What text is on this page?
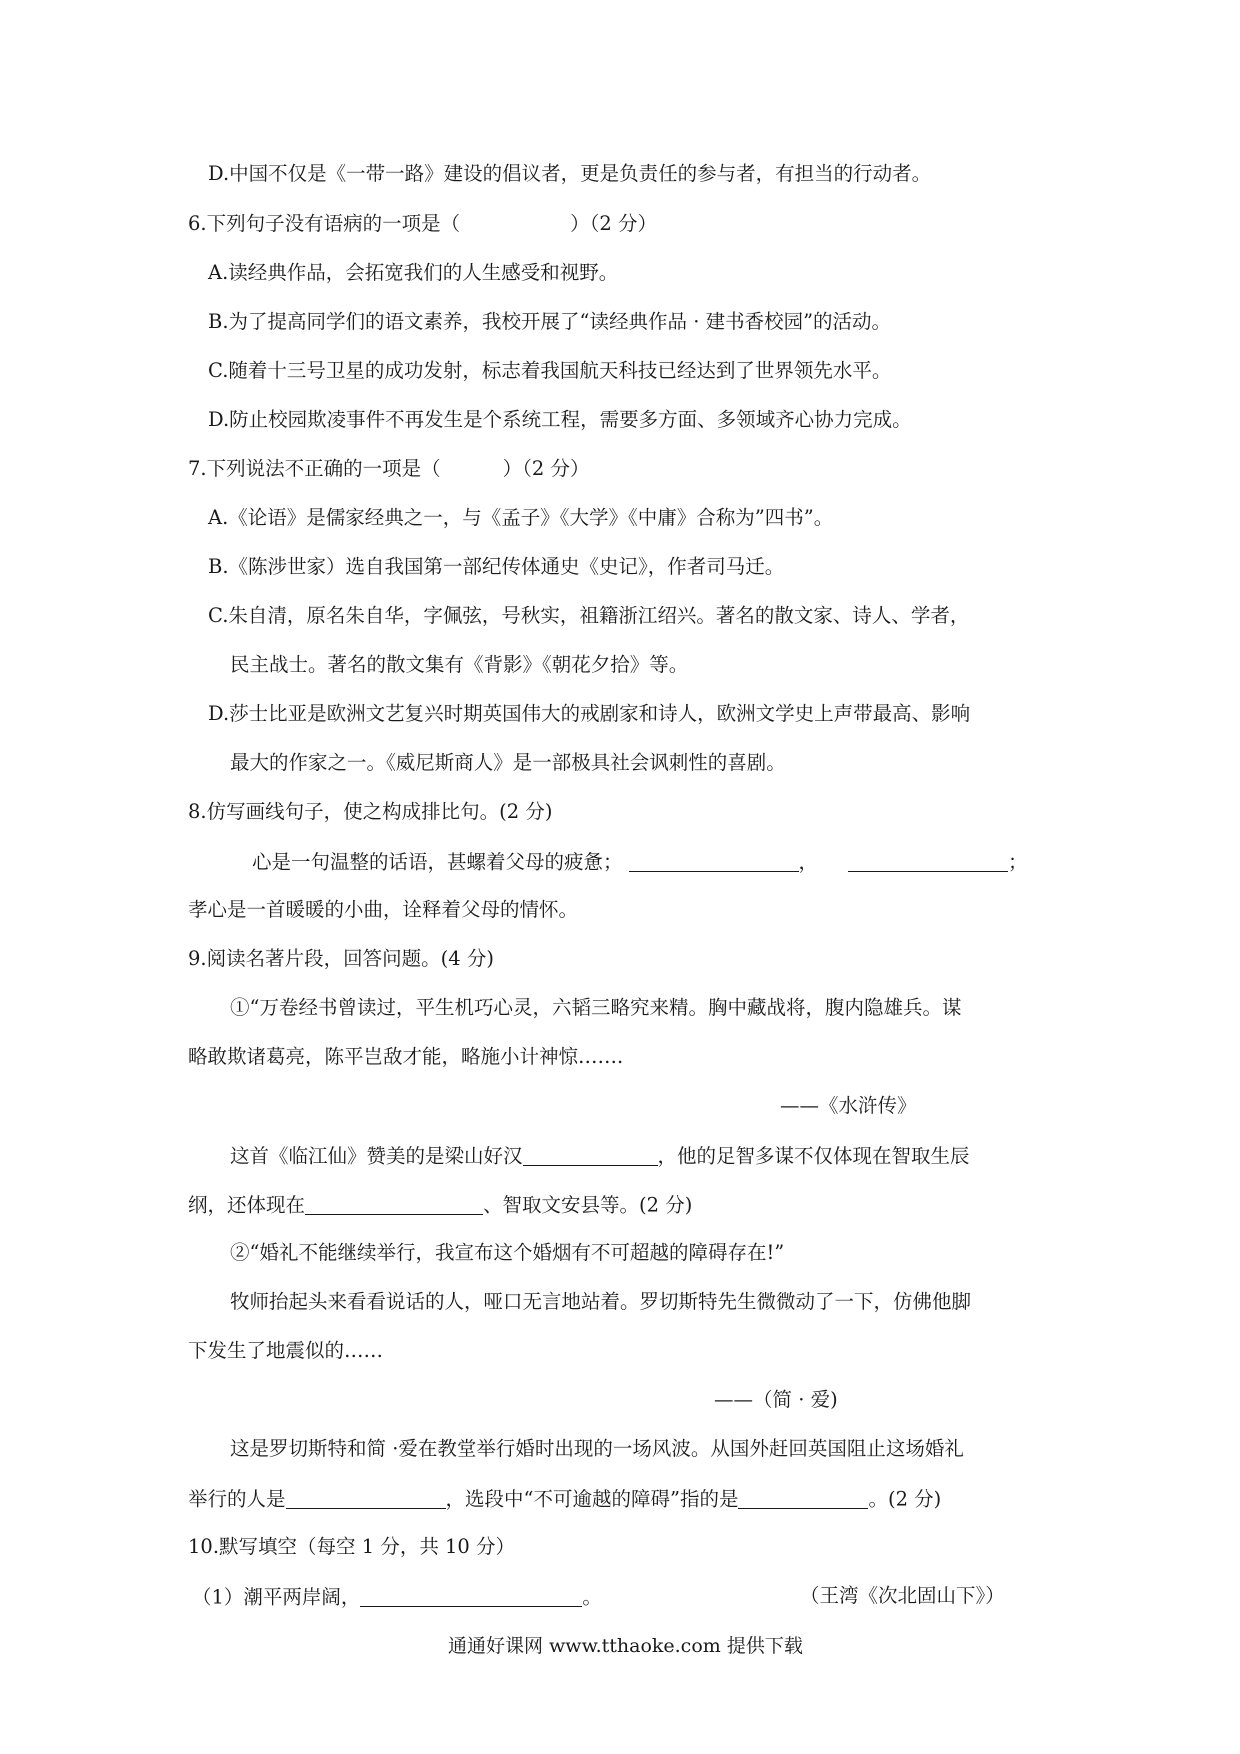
D.中国不仅是《一带一路》建设的倡议者，更是负责任的参与者，有担当的行动者。
6.下列句子没有语病的一项是（	）（2 分）
A.读经典作品，会拓宽我们的人生感受和视野。
B.为了提高同学们的语文素养，我校开展了“读经典作品 · 建书香校园”的活动。
C.随着十三号卫星的成功发射，标志着我国航天科技已经达到了世界领先水平。
D.防止校园欺凌事件不再发生是个系统工程，需要多方面、多领域齐心协力完成。
7.下列说法不正确的一项是（	）（2 分）
A.《论语》是儒家经典之一，与《孟子》《大学》《中庸》合称为”四书”。
B.《陈涉世家）选自我国第一部纪传体通史《史记》，作者司马迁。
C.朱自清，原名朱自华，字佩弦，号秋实，祖籍浙江绍兴。著名的散文家、诗人、学者，
民主战士。著名的散文集有《背影》《朝花夕拾》等。
D.莎士比亚是欧洲文艺复兴时期英国伟大的戒剧家和诗人，欧洲文学史上声带最高、影响
最大的作家之一。《威尼斯商人》是一部极具社会讽刺性的喜剧。
8.仿写画线句子，使之构成排比句。(2 分)
心是一句温整的话语，甚螺着父母的疲惫；	，	；
孝心是一首暖暖的小曲，诠释着父母的情怀。
9.阅读名著片段，回答问题。(4 分)
①“万卷经书曾读过，平生机巧心灵，六韬三略究来精。胸中藏战将，腹内隐雄兵。谋
略敢欺诸葛亮，陈平岂敌才能，略施小计神惊…….
——《水浒传》
这首《临江仙》赞美的是梁山好汉	，他的足智多谋不仅体现在智取生辰
纲，还体现在	、智取文安县等。(2 分)
②“婚礼不能继续举行，我宣布这个婚烟有不可超越的障碍存在!”
牧师抬起头来看看说话的人，哑口无言地站着。罗切斯特先生微微动了一下，仿佛他脚
下发生了地震似的……
——（简 · 爱)
这是罗切斯特和简 ·爱在教堂举行婚时出现的一场风波。从国外赶回英国阻止这场婚礼
举行的人是	，选段中“不可逾越的障碍”指的是	。(2 分)
10.默写填空（每空 1 分，共 10 分）
（1）潮平两岸阔，	。	（王湾《次北固山下》）
通通好课网 www.tthaoke.com 提供下载
